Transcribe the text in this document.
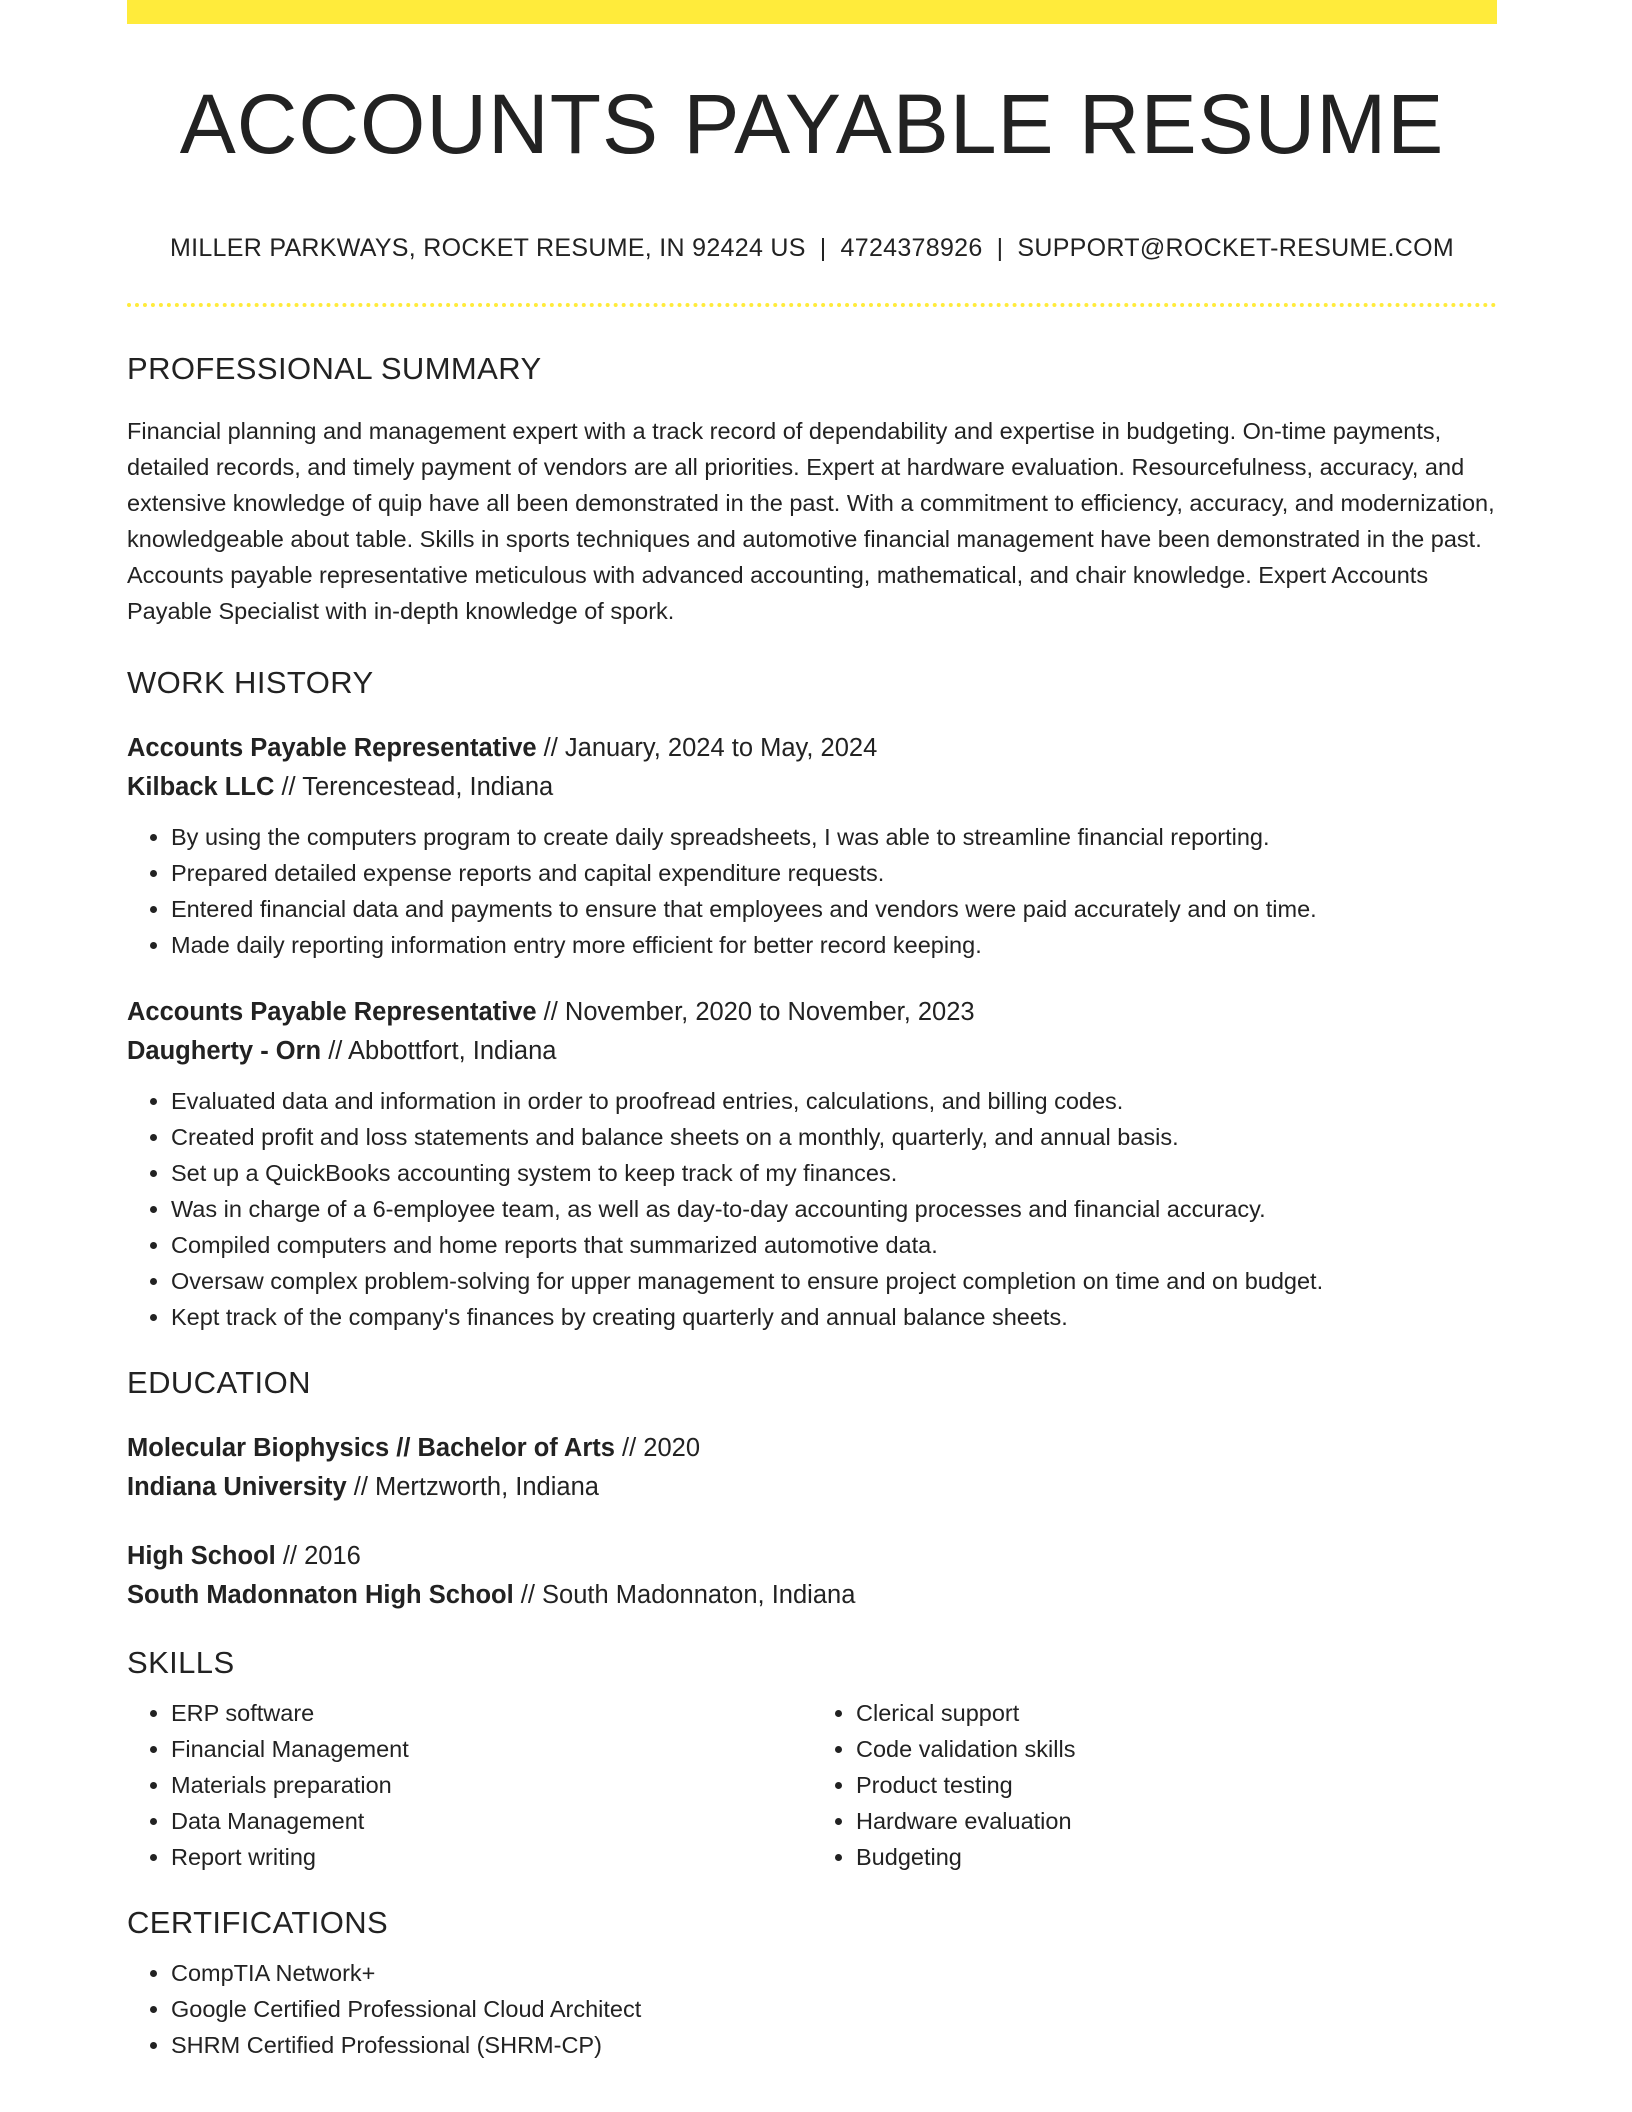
ACCOUNTS PAYABLE RESUME
MILLER PARKWAYS, ROCKET RESUME, IN 92424 US | 4724378926 | SUPPORT@ROCKET-RESUME.COM
PROFESSIONAL SUMMARY

Financial planning and management expert with a track record of dependability and expertise in budgeting. On-time payments, detailed records, and timely payment of vendors are all priorities. Expert at hardware evaluation. Resourcefulness, accuracy, and extensive knowledge of quip have all been demonstrated in the past. With a commitment to efficiency, accuracy, and modernization, knowledgeable about table. Skills in sports techniques and automotive financial management have been demonstrated in the past. Accounts payable representative meticulous with advanced accounting, mathematical, and chair knowledge. Expert Accounts Payable Specialist with in-depth knowledge of spork.

WORK HISTORY
Accounts Payable Representative // January, 2024 to May, 2024
Kilback LLC // Terencestead, Indiana
• By using the computers program to create daily spreadsheets, I was able to streamline financial reporting.
• Prepared detailed expense reports and capital expenditure requests.
• Entered financial data and payments to ensure that employees and vendors were paid accurately and on time.
• Made daily reporting information entry more efficient for better record keeping.
Accounts Payable Representative // November, 2020 to November, 2023
Daugherty - Orn // Abbottfort, Indiana
• Evaluated data and information in order to proofread entries, calculations, and billing codes.
• Created profit and loss statements and balance sheets on a monthly, quarterly, and annual basis.
• Set up a QuickBooks accounting system to keep track of my finances.
• Was in charge of a 6-employee team, as well as day-to-day accounting processes and financial accuracy.
• Compiled computers and home reports that summarized automotive data.
• Oversaw complex problem-solving for upper management to ensure project completion on time and on budget.
• Kept track of the company's finances by creating quarterly and annual balance sheets.
EDUCATION
Molecular Biophysics // Bachelor of Arts // 2020
Indiana University // Mertzworth, Indiana
High School // 2016
South Madonnaton High School // South Madonnaton, Indiana
SKILLS
• ERP software
• Financial Management
• Materials preparation
• Data Management
• Report writing
• Clerical support
• Code validation skills
• Product testing
• Hardware evaluation
• Budgeting
CERTIFICATIONS
• CompTIA Network+
• Google Certified Professional Cloud Architect
• SHRM Certified Professional (SHRM-CP)
